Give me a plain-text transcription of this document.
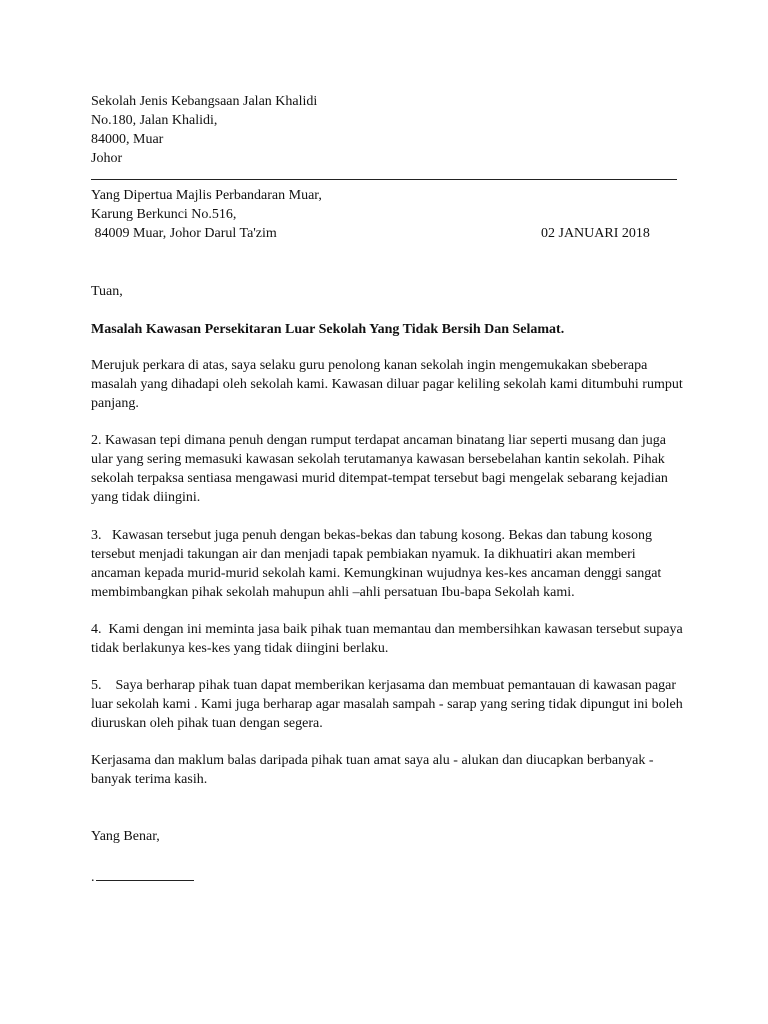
Sekolah Jenis Kebangsaan Jalan Khalidi
No.180, Jalan Khalidi,
84000, Muar
Johor
Yang Dipertua Majlis Perbandaran Muar,
Karung Berkunci No.516,
84009 Muar, Johor Darul Ta'zim	02 JANUARI 2018
Tuan,
Masalah Kawasan Persekitaran Luar Sekolah Yang Tidak Bersih Dan Selamat.
Merujuk perkara di atas, saya selaku guru penolong kanan sekolah ingin mengemukakan sbeberapa
masalah yang dihadapi oleh sekolah kami. Kawasan diluar pagar keliling sekolah kami ditumbuhi rumput
panjang.
2. Kawasan tepi dimana penuh dengan rumput terdapat ancaman binatang liar seperti musang dan juga
ular yang sering memasuki kawasan sekolah terutamanya kawasan bersebelahan kantin sekolah. Pihak
sekolah terpaksa sentiasa mengawasi murid ditempat-tempat tersebut bagi mengelak sebarang kejadian
yang tidak diingini.
3.   Kawasan tersebut juga penuh dengan bekas-bekas dan tabung kosong. Bekas dan tabung kosong
tersebut menjadi takungan air dan menjadi tapak pembiakan nyamuk. Ia dikhuatiri akan memberi
ancaman kepada murid-murid sekolah kami. Kemungkinan wujudnya kes-kes ancaman denggi sangat
membimbangkan pihak sekolah mahupun ahli –ahli persatuan Ibu-bapa Sekolah kami.
4.  Kami dengan ini meminta jasa baik pihak tuan memantau dan membersihkan kawasan tersebut supaya
tidak berlakunya kes-kes yang tidak diingini berlaku.
5.    Saya berharap pihak tuan dapat memberikan kerjasama dan membuat pemantauan di kawasan pagar
luar sekolah kami . Kami juga berharap agar masalah sampah - sarap yang sering tidak dipungut ini boleh
diuruskan oleh pihak tuan dengan segera.
Kerjasama dan maklum balas daripada pihak tuan amat saya alu - alukan dan diucapkan berbanyak -
banyak terima kasih.
Yang Benar,
.
